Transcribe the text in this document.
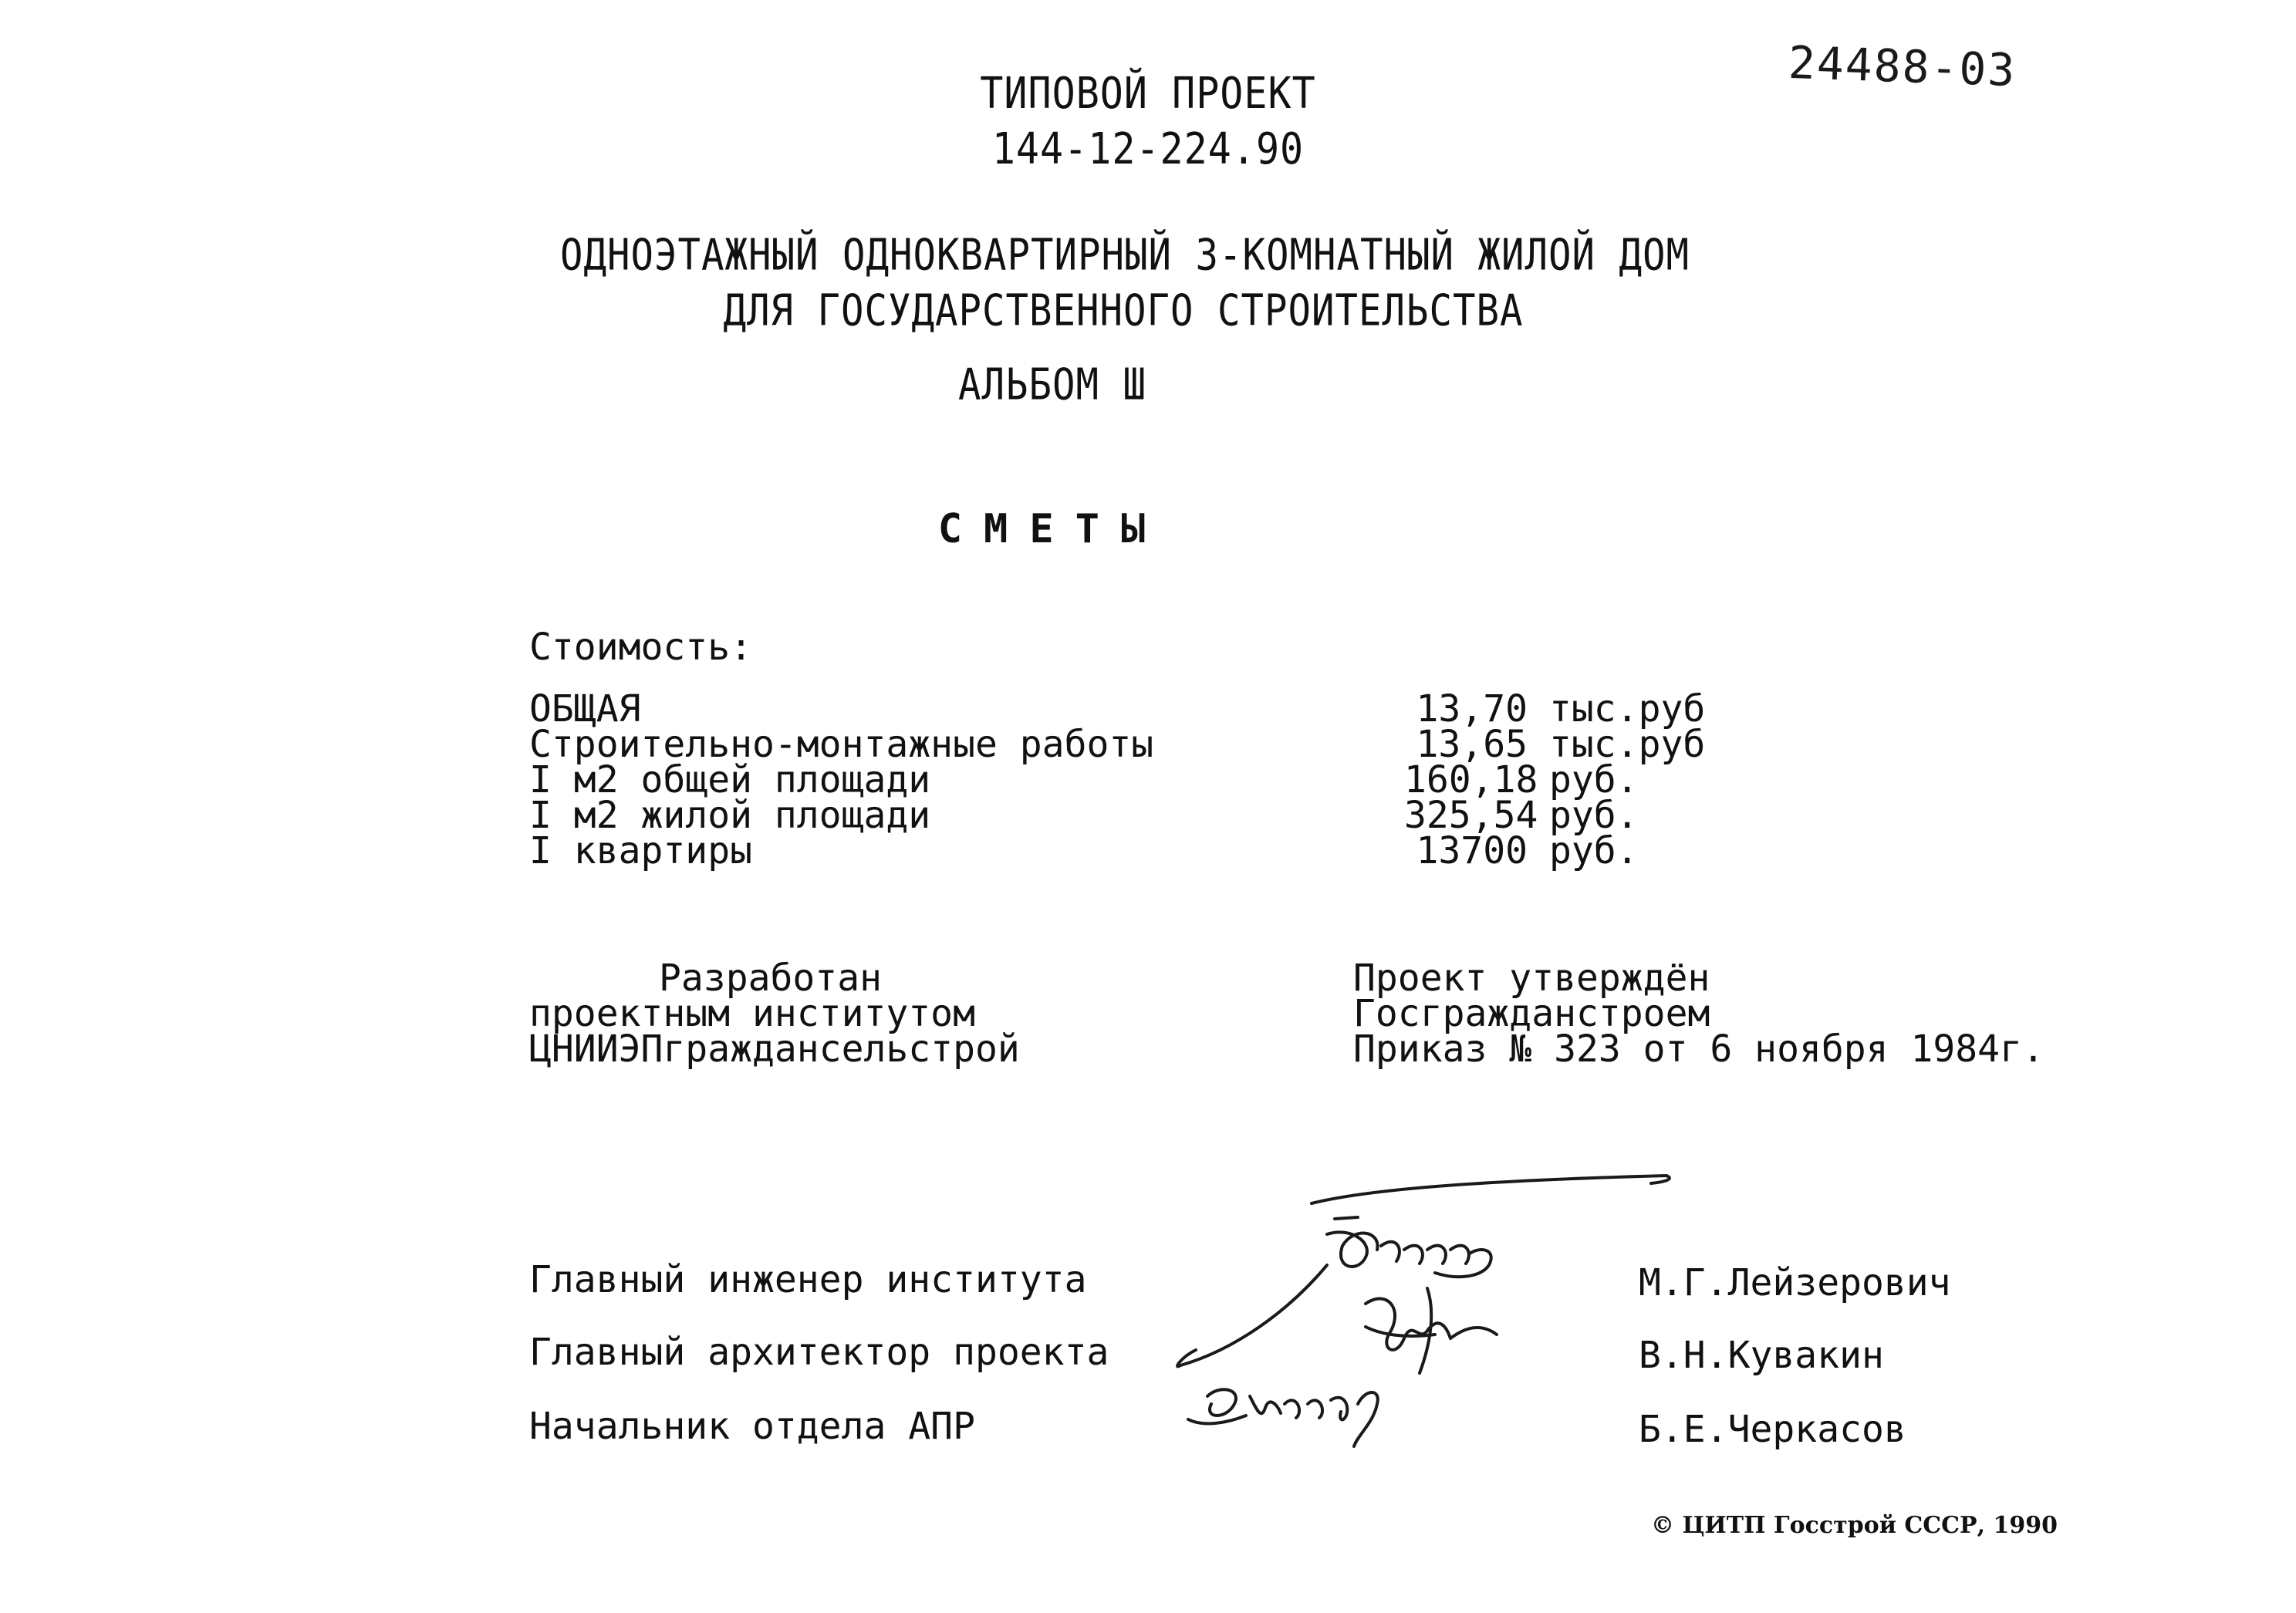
24488-03
ТИПОВОЙ ПРОЕКТ
144-12-224.90
ОДНОЭТАЖНЫЙ ОДНОКВАРТИРНЫЙ 3-КОМНАТНЫЙ ЖИЛОЙ ДОМ
ДЛЯ ГОСУДАРСТВЕННОГО СТРОИТЕЛЬСТВА
АЛЬБОМ Ш
СМЕТЫ
Стоимость:
ОБЩАЯ	13,70 тыс.руб
Строительно-монтажные работы	13,65 тыс.руб
I м2 общей площади	160,18 руб.
I м2 жилой площади	325,54 руб.
I квартиры	13700 руб.
Разработан
проектным институтом
ЦНИИЭПграждансельстрой
Проект утверждён
Госгражданстроем
Приказ № 323 от 6 ноября 1984г.
Главный инженер института	М.Г.Лейзерович
Главный архитектор проекта	В.Н.Кувакин
Начальник отдела АПР	Б.Е.Черкасов
© ЦИТП Госстрой СССР, 1990
